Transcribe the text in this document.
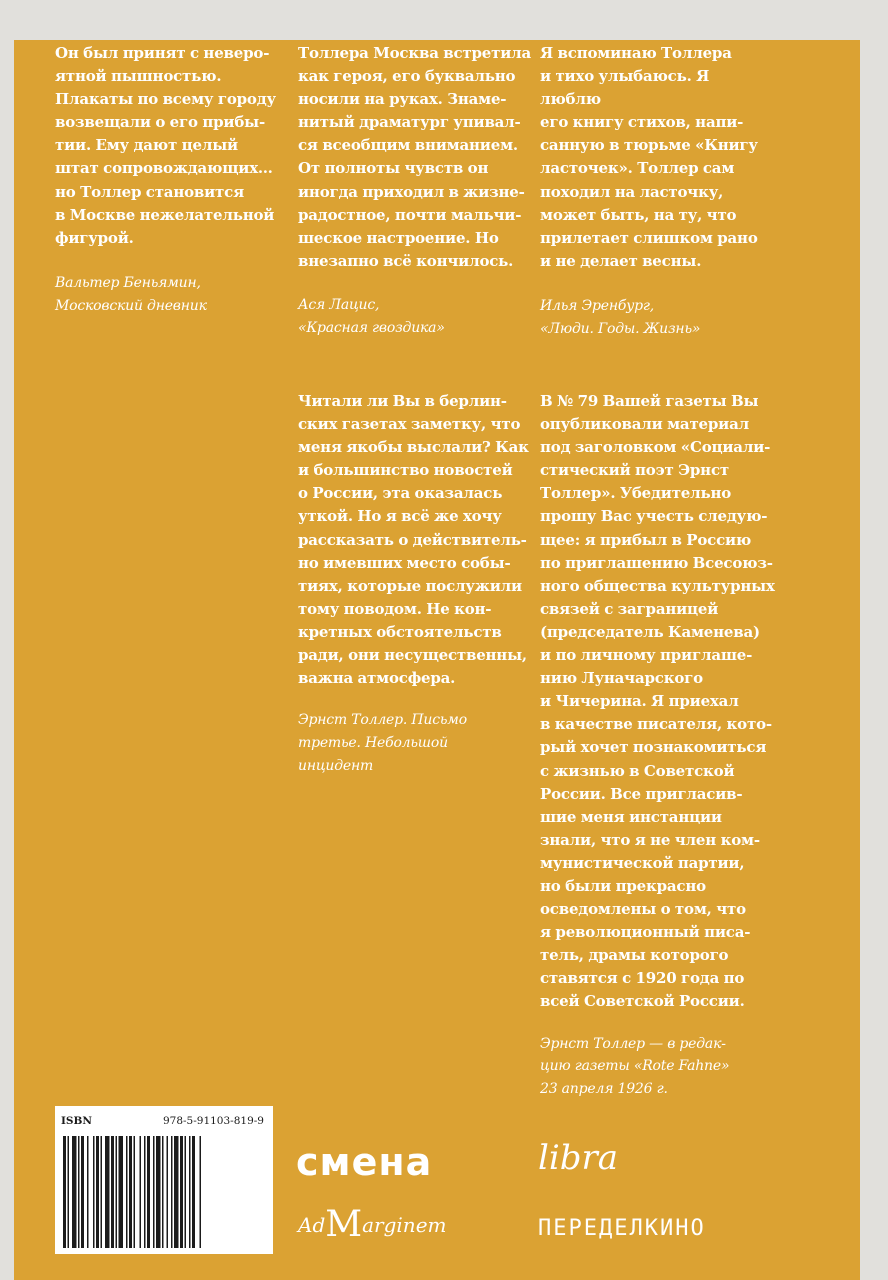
Он был принят с неверо-
ятной пышностью.
Плакаты по всему городу
возвещали о его прибы-
тии. Ему дают целый
штат сопровождающих…
но Толлер становится
в Москве нежелательной
фигурой.

Вальтер Беньямин,
Московский дневник

Толлера Москва встретила
как героя, его буквально
носили на руках. Знаме-
нитый драматург упивал-
ся всеобщим вниманием.
От полноты чувств он
иногда приходил в жизне-
радостное, почти мальчи-
шеское настроение. Но
внезапно всё кончилось.

Ася Лацис,
«Красная гвоздика»

Я вспоминаю Толлера
и тихо улыбаюсь. Я люблю
его книгу стихов, напи-
санную в тюрьме «Книгу
ласточек». Толлер сам
походил на ласточку,
может быть, на ту, что
прилетает слишком рано
и не делает весны.

Илья Эренбург,
«Люди. Годы. Жизнь»

Читали ли Вы в берлин-
ских газетах заметку, что
меня якобы выслали? Как
и большинство новостей
о России, эта оказалась
уткой. Но я всё же хочу
рассказать о действитель-
но имевших место собы-
тиях, которые послужили
тому поводом. Не кон-
кретных обстоятельств
ради, они несущественны,
важна атмосфера.

Эрнст Толлер. Письмо
третье. Небольшой
инцидент

В № 79 Вашей газеты Вы
опубликовали материал
под заголовком «Социали-
стический поэт Эрнст
Толлер». Убедительно
прошу Вас учесть следую-
щее: я прибыл в Россию
по приглашению Всесоюз-
ного общества культурных
связей с заграницей
(председатель Каменева)
и по личному приглаше-
нию Луначарского
и Чичерина. Я приехал
в качестве писателя, кото-
рый хочет познакомиться
с жизнью в Советской
России. Все пригласив-
шие меня инстанции
знали, что я не член ком-
мунистической партии,
но были прекрасно
осведомлены о том, что
я революционный писа-
тель, драмы которого
ставятся с 1920 года по
всей Советской России.

Эрнст Толлер — в редак-
цию газеты «Rote Fahne»
23 апреля 1926 г.

ISBN	978-5-91103-819-9
смена	libra
AdMarginem	ПЕРЕДЕЛКИНО
